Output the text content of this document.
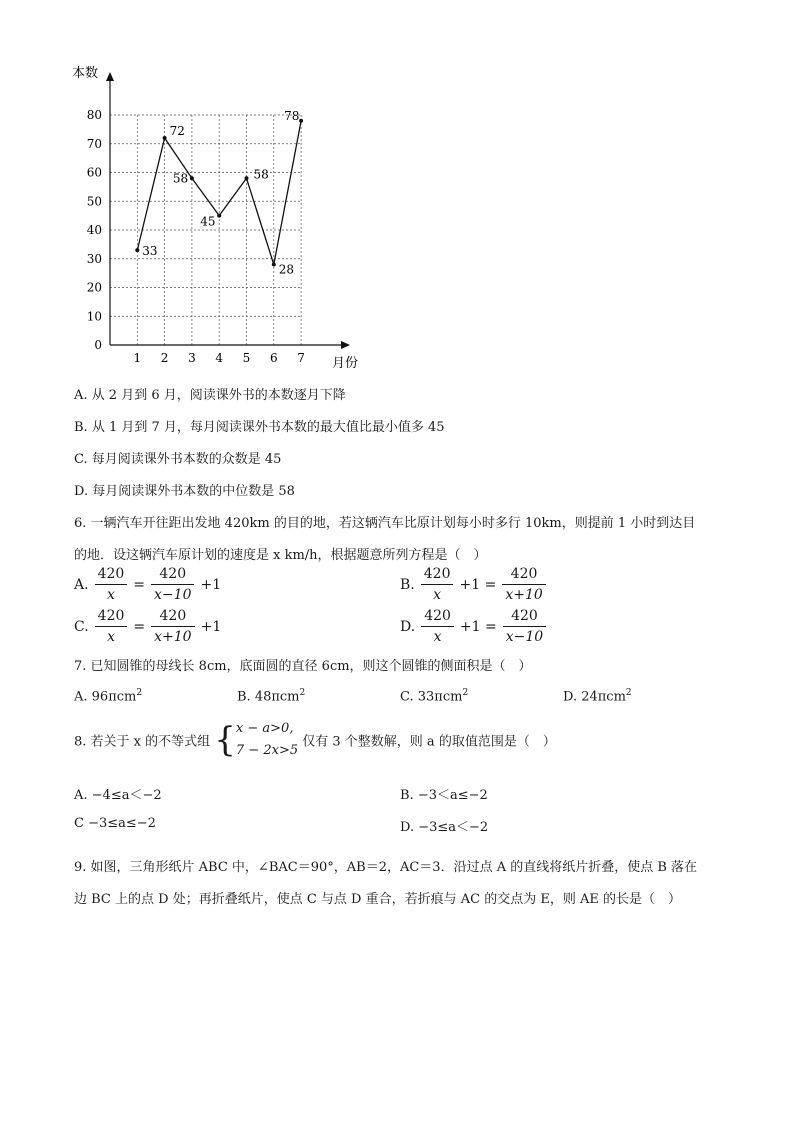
0
10
20
30
40
50
60
70
80
1 2 3 4 5 6 7
33
72
58
45
58
28
78
本数
月份
A. 从 2 月到 6 月，阅读课外书的本数逐月下降
B. 从 1 月到 7 月，每月阅读课外书本数的最大值比最小值多 45
C. 每月阅读课外书本数的众数是 45
D. 每月阅读课外书本数的中位数是 58
6. 一辆汽车开往距出发地 420km 的目的地，若这辆汽车比原计划每小时多行 10km，则提前 1 小时到达目
的地．设这辆汽车原计划的速度是 x km/h，根据题意所列方程是（　）
A. $\frac{420}{x} = \frac{420}{x-10} +1$	B. $\frac{420}{x} +1 = \frac{420}{x+10}$
C. $\frac{420}{x} = \frac{420}{x+10} +1$	D. $\frac{420}{x} +1 = \frac{420}{x-10}$
7. 已知圆锥的母线长 8cm，底面圆的直径 6cm，则这个圆锥的侧面积是（　）
A. 96πcm$^2$	B. 48πcm$^2$	C. 33πcm$^2$	D. 24πcm$^2$
8. 若关于 x 的不等式组 { x − a>0,
7 − 2x>5
仅有 3 个整数解，则 a 的取值范围是（　）
A. −4≤a＜−2	B. −3＜a≤−2
C −3≤a≤−2	D. −3≤a＜−2
9. 如图，三角形纸片 ABC 中，∠BAC＝90°，AB＝2，AC＝3．沿过点 A 的直线将纸片折叠，使点 B 落在
边 BC 上的点 D 处；再折叠纸片，使点 C 与点 D 重合，若折痕与 AC 的交点为 E，则 AE 的长是（　）
